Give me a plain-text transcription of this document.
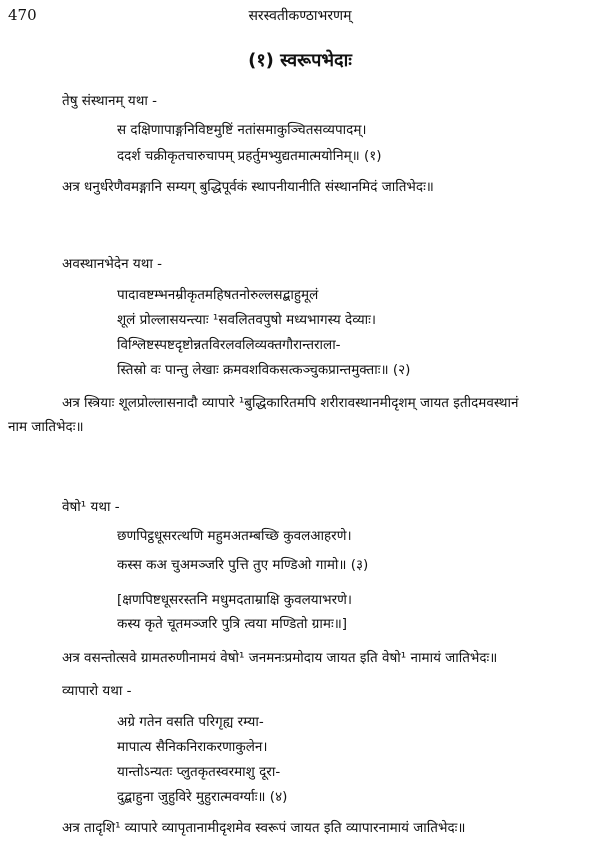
470	सरस्वतीकण्ठाभरणम्
(१) स्वरूपभेदाः
तेषु संस्थानम् यथा -
स दक्षिणापाङ्गनिविष्टमुष्टिं नतांसमाकुञ्चितसव्यपादम्।
ददर्श चक्रीकृतचारुचापम् प्रहर्तुमभ्युद्यतमात्मयोनिम्॥ (१)
अत्र धनुर्धरेणैवमङ्गानि सम्यग् बुद्धिपूर्वकं स्थापनीयानीति संस्थानमिदं जातिभेदः॥
अवस्थानभेदेन यथा -
पादावष्टम्भनम्रीकृतमहिषतनोरुल्लसद्बाहुमूलं
शूलं प्रोल्लासयन्त्याः ¹सवलितवपुषो मध्यभागस्य देव्याः।
विश्लिष्टस्पष्टदृष्टोन्नतविरलवलिव्यक्तगौरान्तराला-
स्तिस्रो वः पान्तु लेखाः क्रमवशविकसत्कञ्चुकप्रान्तमुक्ताः॥ (२)
अत्र स्त्रियाः शूलप्रोल्लासनादौ व्यापारे ¹बुद्धिकारितमपि शरीरावस्थानमीदृशम् जायत इतीदमवस्थानं
नाम जातिभेदः॥
वेषो¹ यथा -
छणपिट्ठधूसरत्थणि महुमअतम्बच्छि कुवलआहरणे।
कस्स कअ चुअमञ्जरि पुत्ति तुए मण्डिओ गामो॥ (३)
[क्षणपिष्टधूसरस्तनि मधुमदताम्राक्षि कुवलयाभरणे।
कस्य कृते चूतमञ्जरि पुत्रि त्वया मण्डितो ग्रामः॥]
अत्र वसन्तोत्सवे ग्रामतरुणीनामयं वेषो¹ जनमनःप्रमोदाय जायत इति वेषो¹ नामायं जातिभेदः॥
व्यापारो यथा -
अग्रे गतेन वसति परिगृह्य रम्या-
मापात्य सैनिकनिराकरणाकुलेन।
यान्तोऽन्यतः प्लुतकृतस्वरमाशु दूरा-
दुद्बाहुना जुहुविरे मुहुरात्मवर्ग्याः॥ (४)
अत्र तादृशि¹ व्यापारे व्यापृतानामीदृशमेव स्वरूपं जायत इति व्यापारनामायं जातिभेदः॥
